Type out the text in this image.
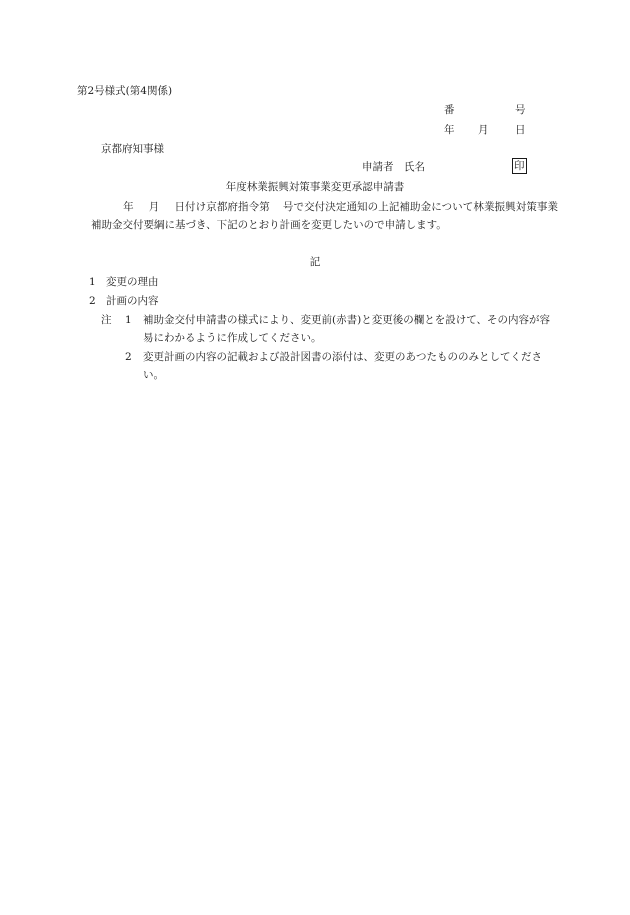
第2号様式(第4関係)
番	号
年 月	日
京都府知事様
申請者　氏名	印
年度林業振興対策事業変更承認申請書
年 月 日付け京都府指令第 号で交付決定通知の上記補助金について林業振興対策事業補助金交付要綱に基づき、下記のとおり計画を変更したいので申請します。
記
1 変更の理由
2 計画の内容
注 1 補助金交付申請書の様式により、変更前(赤書)と変更後の欄とを設けて、その内容が容易にわかるように作成してください。
2 変更計画の内容の記載および設計図書の添付は、変更のあつたもののみとしてください。
